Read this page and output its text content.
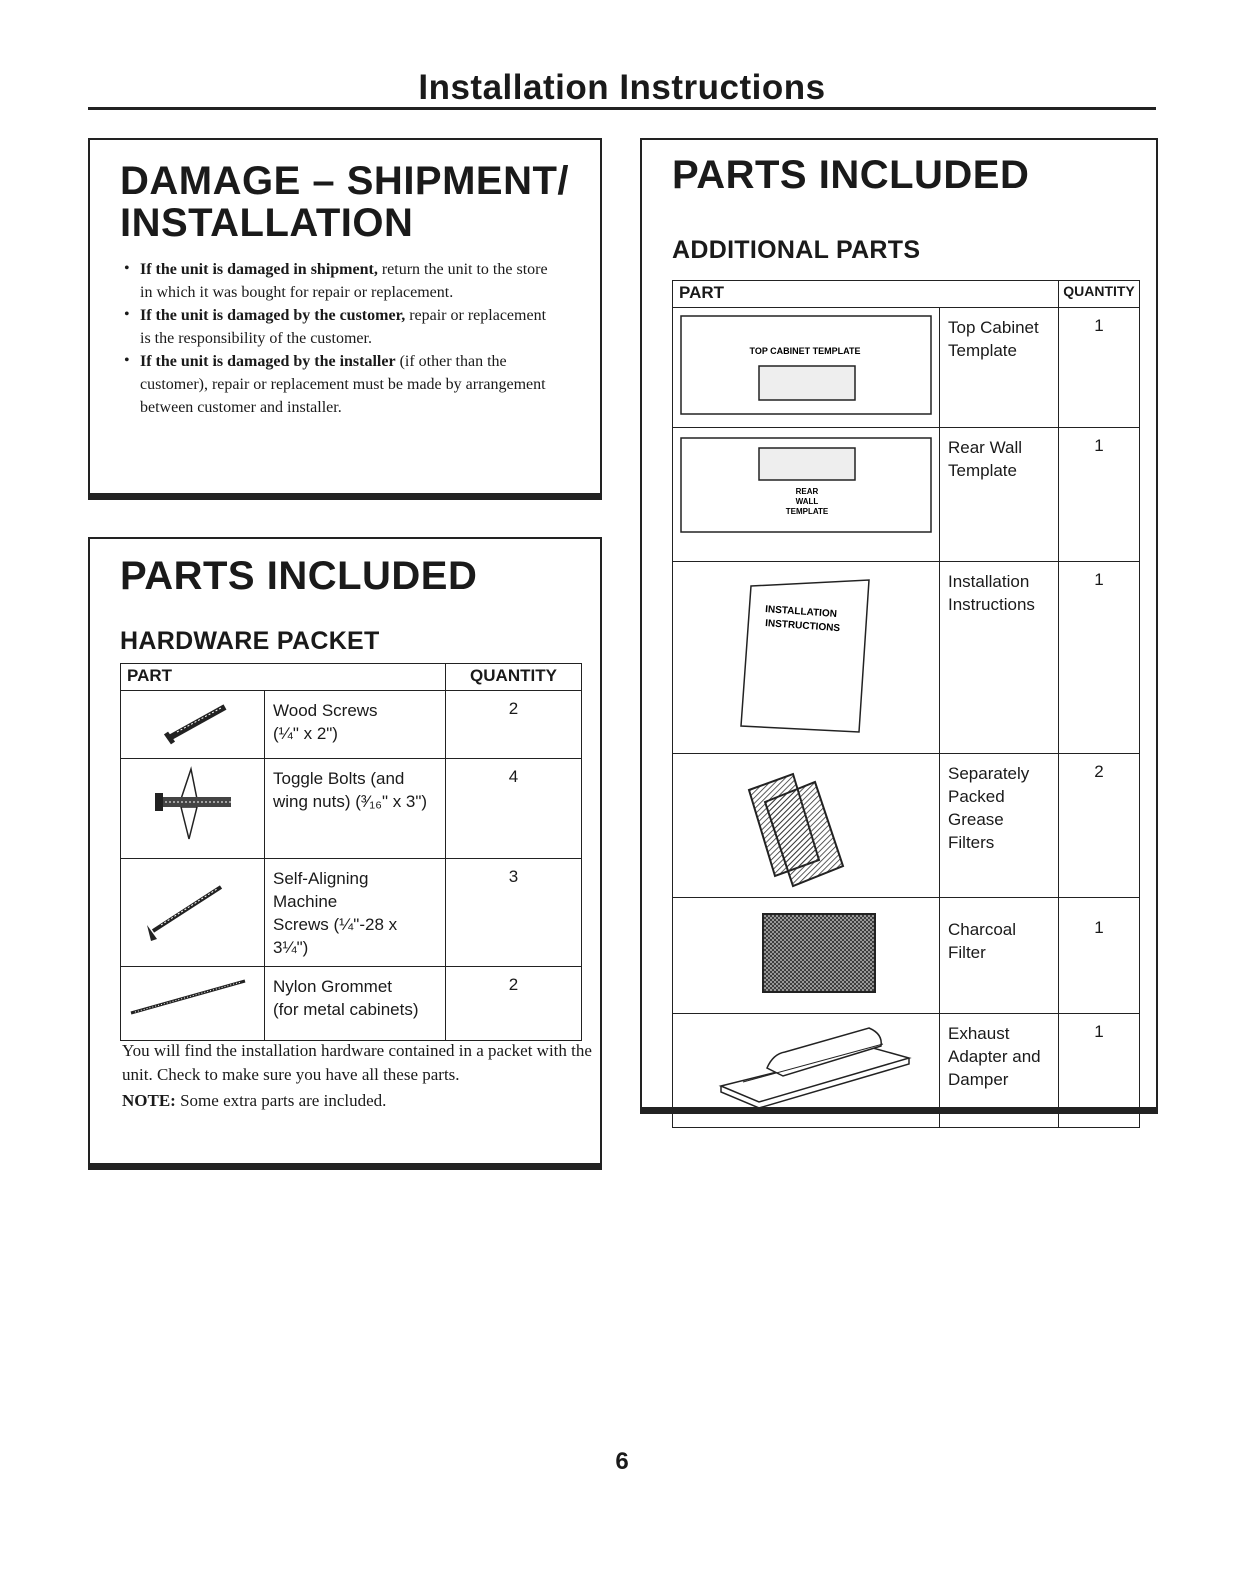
Installation Instructions
DAMAGE – SHIPMENT/
INSTALLATION
• If the unit is damaged in shipment, return the unit to the store in which it was bought for repair or replacement.
• If the unit is damaged by the customer, repair or replacement is the responsibility of the customer.
• If the unit is damaged by the installer (if other than the customer), repair or replacement must be made by arrangement between customer and installer.
PARTS INCLUDED
HARDWARE PACKET
PART		QUANTITY

Wood Screws
(¼" x 2")	2

Toggle Bolts (and
wing nuts) (³⁄₁₆" x 3")	4

Self-Aligning Machine
Screws (¼"-28 x 3¼")	3

Nylon Grommet
(for metal cabinets)	2
You will find the installation hardware contained in a packet with the unit. Check to make sure you have all these parts.
NOTE: Some extra parts are included.
PARTS INCLUDED
ADDITIONAL PARTS
PART		QUANTITY

TOP CABINET TEMPLATE	Top Cabinet
Template	1

REAR
WALL
TEMPLATE	Rear Wall
Template	1

INSTALLATION
INSTRUCTIONS	Installation
Instructions	1

Separately
Packed
Grease
Filters	2

Charcoal
Filter	1

Exhaust
Adapter and
Damper	1
6
